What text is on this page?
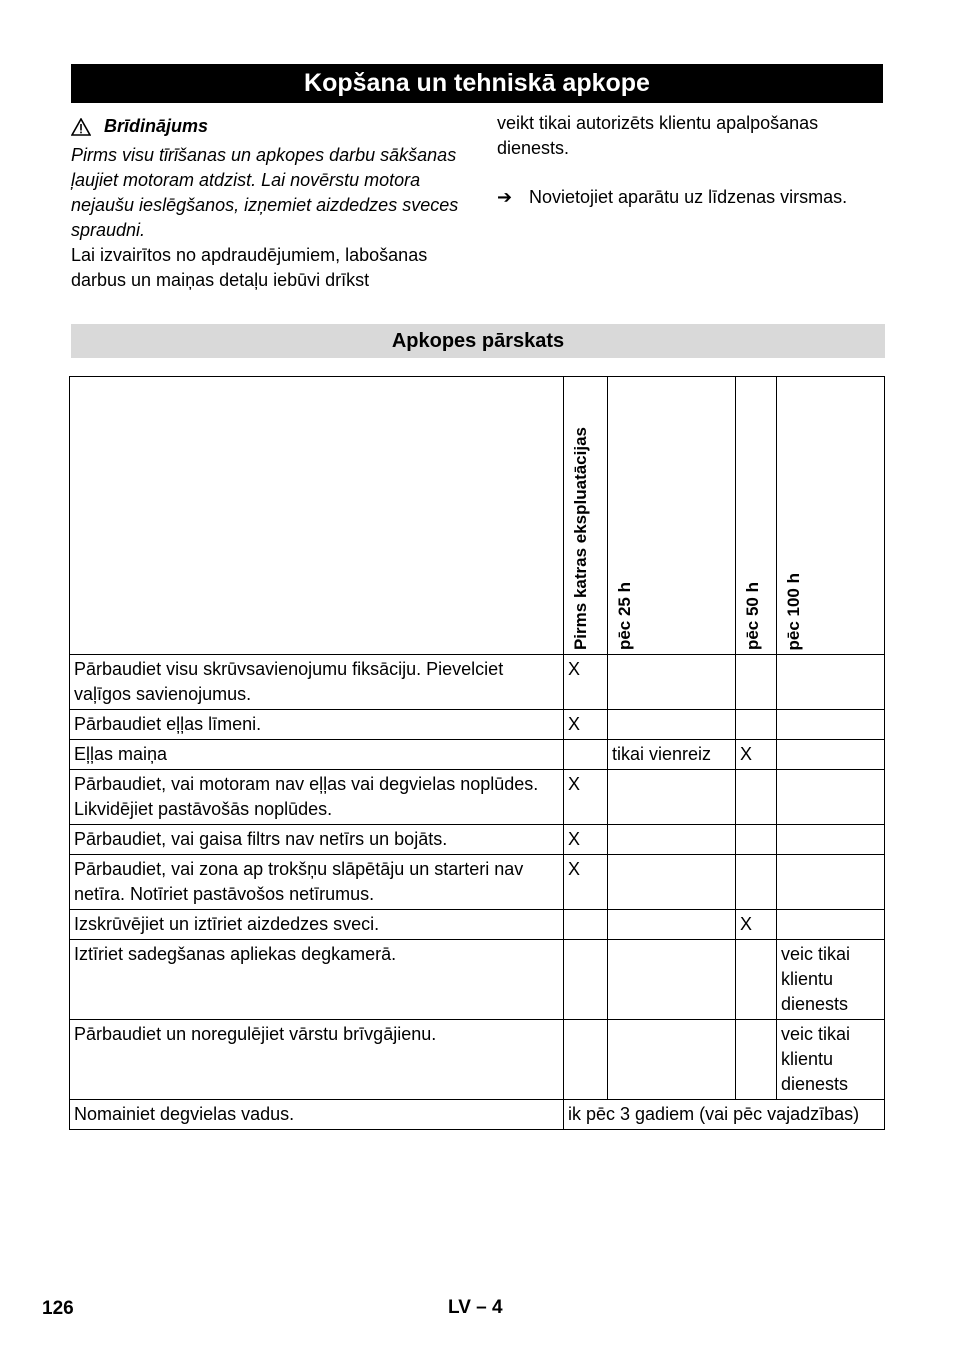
Kopšana un tehniskā apkope
Brīdinājums

Pirms visu tīrīšanas un apkopes darbu sākšanas ļaujiet motoram atdzist. Lai novērstu motora nejaušu ieslēgšanos, izņemiet aizdedzes sveces spraudni.

Lai izvairītos no apdraudējumiem, labošanas darbus un maiņas detaļu iebūvi drīkst

veikt tikai autorizēts klientu apalpošanas dienests.

➔ Novietojiet aparātu uz līdzenas virsmas.
Apkopes pārskats

	Pirms katras ekspluatācijas	pēc 25 h	pēc 50 h	pēc 100 h

Pārbaudiet visu skrūvsavienojumu fiksāciju. Pievelciet vaļīgos savienojumus.	X			
Pārbaudiet eļļas līmeni.	X			
Eļļas maiņa		tikai vienreiz	X	
Pārbaudiet, vai motoram nav eļļas vai degvielas noplūdes. Likvidējiet pastāvošās noplūdes.	X			
Pārbaudiet, vai gaisa filtrs nav netīrs un bojāts.	X			
Pārbaudiet, vai zona ap trokšņu slāpētāju un starteri nav netīra. Notīriet pastāvošos netīrumus.	X			
Izskrūvējiet un iztīriet aizdedzes sveci.			X	
Iztīriet sadegšanas apliekas degkamerā.				veic tikai klientu dienests
Pārbaudiet un noregulējiet vārstu brīvgājienu.				veic tikai klientu dienests
Nomainiet degvielas vadus.	ik pēc 3 gadiem (vai pēc vajadzības)			
126	LV – 4
